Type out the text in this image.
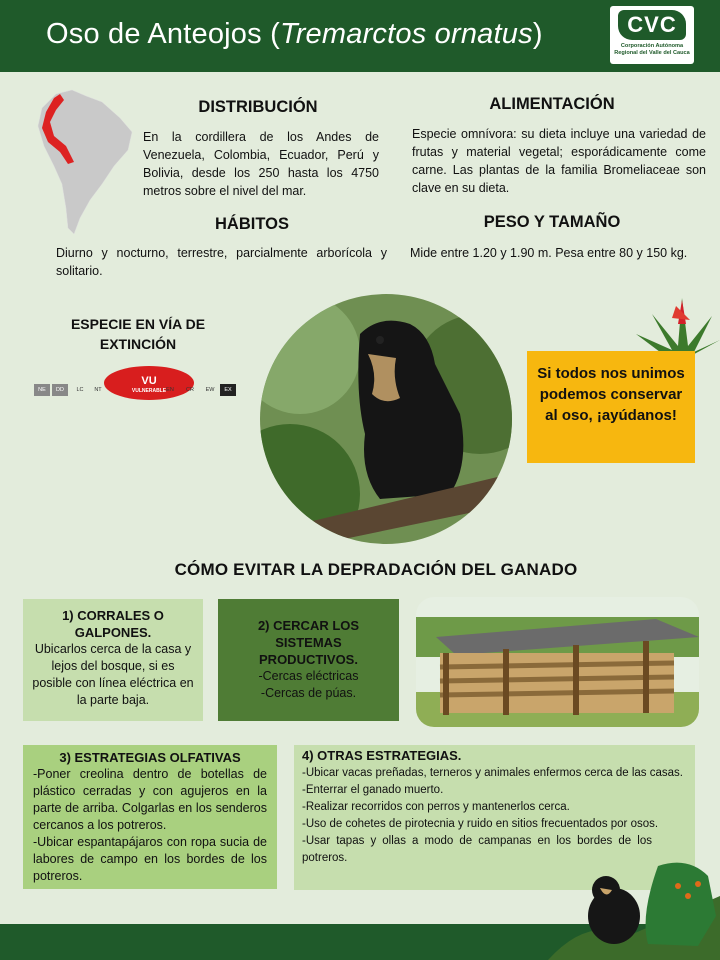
Oso de Anteojos (Tremarctos ornatus)	CVC
Corporación Autónoma Regional del Valle del Cauca
DISTRIBUCIÓN
En la cordillera de los Andes de Venezuela, Colombia, Ecuador, Perú y Bolivia, desde los 250 hasta los 4750 metros sobre el nivel del mar.
ALIMENTACIÓN
Especie omnívora: su dieta incluye una variedad de frutas y material vegetal; esporádicamente come carne. Las plantas de la familia Bromeliaceae son clave en su dieta.
HÁBITOS
Diurno y nocturno, terrestre, parcialmente arborícola y solitario.
PESO Y TAMAÑO
Mide entre 1.20 y 1.90 m. Pesa entre 80 y 150 kg.
ESPECIE EN VÍA DE EXTINCIÓN
NE	DD	LC	NT
VU
VULNERABLE EN	CR	EW	EX
Si todos nos unimos podemos conservar al oso, ¡ayúdanos!
CÓMO EVITAR LA DEPRADACIÓN DEL GANADO
1) CORRALES O GALPONES.
Ubicarlos cerca de la casa y lejos del bosque, si es posible con línea eléctrica en la parte baja.
2) CERCAR LOS SISTEMAS PRODUCTIVOS.
-Cercas eléctricas
-Cercas de púas.
3) ESTRATEGIAS OLFATIVAS
-Poner creolina dentro de botellas de plástico cerradas y con agujeros en la parte de arriba. Colgarlas en los senderos cercanos a los potreros.
-Ubicar espantapájaros con ropa sucia de labores de campo en los bordes de los potreros.
4) OTRAS ESTRATEGIAS.
-Ubicar vacas preñadas, terneros y animales enfermos cerca de las casas.
-Enterrar el ganado muerto.
-Realizar recorridos con perros y mantenerlos cerca.
-Uso de cohetes de pirotecnia y ruido en sitios frecuentados por osos.
-Usar tapas y ollas a modo de campanas en los bordes de los potreros.
